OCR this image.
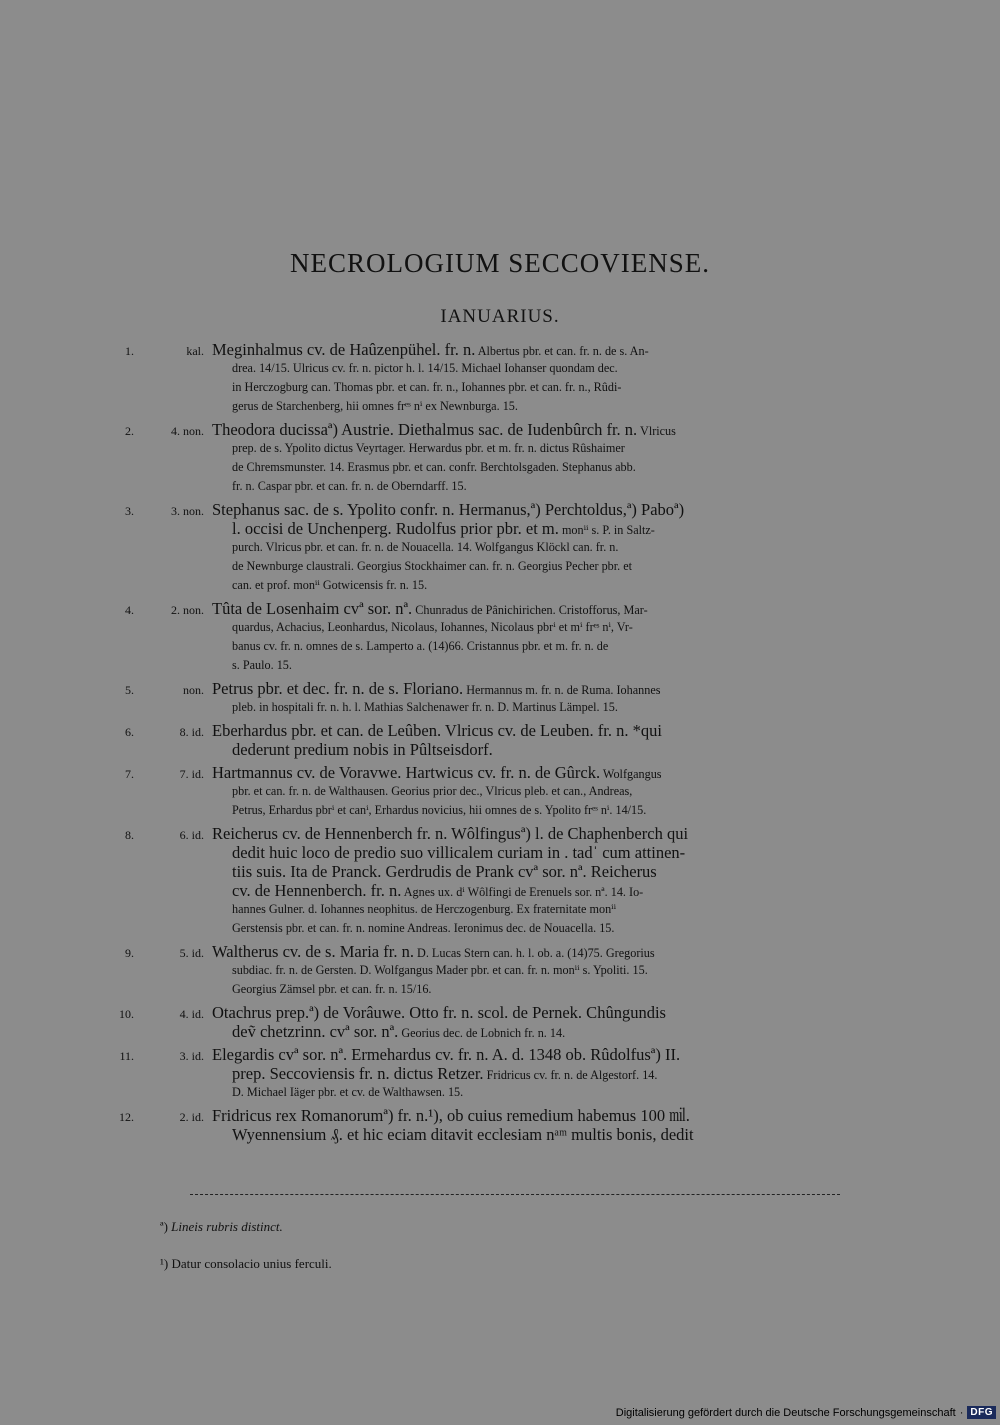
NECROLOGIUM SECCOVIENSE.
IANUARIUS.
1.	kal. Meginhalmus cv. de Haûzenpühel. fr. n. Albertus pbr. et can. fr. n. de s. An-
drea. 14/15. Ulricus cv. fr. n. pictor h. l. 14/15. Michael Iohanser quondam dec.
in Herczogburg can. Thomas pbr. et can. fr. n., Iohannes pbr. et can. fr. n., Rûdi-
gerus de Starchenberg, hii omnes frᵉˢ nⁱ ex Newnburga. 15.
2.	4. non. Theodora ducissaª) Austrie. Diethalmus sac. de Iudenbûrch fr. n. Vlricus
prep. de s. Ypolito dictus Veyrtager. Herwardus pbr. et m. fr. n. dictus Rûshaimer
de Chremsmunster. 14. Erasmus pbr. et can. confr. Berchtolsgaden. Stephanus abb.
fr. n. Caspar pbr. et can. fr. n. de Oberndarff. 15.
3.	3. non. Stephanus sac. de s. Ypolito confr. n. Hermanus,ª) Perchtoldus,ª) Paboª)
l. occisi de Unchenperg. Rudolfus prior pbr. et m. monⁱⁱ s. P. in Saltz-
purch. Vlricus pbr. et can. fr. n. de Nouacella. 14. Wolfgangus Klöckl can. fr. n.
de Newnburge claustrali. Georgius Stockhaimer can. fr. n. Georgius Pecher pbr. et
can. et prof. monⁱⁱ Gotwicensis fr. n. 15.
4.	2. non. Tûta de Losenhaim cvª sor. nª. Chunradus de Pânichirichen. Cristofforus, Mar-
quardus, Achacius, Leonhardus, Nicolaus, Iohannes, Nicolaus pbrⁱ et mⁱ frᵉˢ nⁱ, Vr-
banus cv. fr. n. omnes de s. Lamperto a. (14)66. Cristannus pbr. et m. fr. n. de
s. Paulo. 15.
5.	non. Petrus pbr. et dec. fr. n. de s. Floriano. Hermannus m. fr. n. de Ruma. Iohannes
pleb. in hospitali fr. n. h. l. Mathias Salchenawer fr. n. D. Martinus Lämpel. 15.
6.	8. id. Eberhardus pbr. et can. de Leûben. Vlricus cv. de Leuben. fr. n. *qui
dederunt predium nobis in Pûltseisdorf.
7.	7. id. Hartmannus cv. de Voravwe. Hartwicus cv. fr. n. de Gûrck. Wolfgangus
pbr. et can. fr. n. de Walthausen. Georius prior dec., Vlricus pleb. et can., Andreas,
Petrus, Erhardus pbrⁱ et canⁱ, Erhardus novicius, hii omnes de s. Ypolito frᵉˢ nⁱ. 14/15.
8.	6. id. Reicherus cv. de Hennenberch fr. n. Wôlfingusª) l. de Chaphenberch qui
dedit huic loco de predio suo villicalem curiam in . tadˈ cum attinen-
tiis suis. Ita de Pranck. Gerdrudis de Prank cvª sor. nª. Reicherus
cv. de Hennenberch. fr. n. Agnes ux. dⁱ Wôlfingi de Erenuels sor. nª. 14. Io-
hannes Gulner. d. Iohannes neophitus. de Herczogenburg. Ex fraternitate monⁱⁱ
Gerstensis pbr. et can. fr. n. nomine Andreas. Ieronimus dec. de Nouacella. 15.
9.	5. id. Waltherus cv. de s. Maria fr. n. D. Lucas Stern can. h. l. ob. a. (14)75. Gregorius
subdiac. fr. n. de Gersten. D. Wolfgangus Mader pbr. et can. fr. n. monⁱⁱ s. Ypoliti. 15.
Georgius Zämsel pbr. et can. fr. n. 15/16.
10.	4. id. Otachrus prep.ª) de Vorâuwe. Otto fr. n. scol. de Pernek. Chûngundis
deṽ chetzrinn. cvª sor. nª. Georius dec. de Lobnich fr. n. 14.
11.	3. id. Elegardis cvª sor. nª. Ermehardus cv. fr. n. A. d. 1348 ob. Rûdolfusª) II.
prep. Seccoviensis fr. n. dictus Retzer. Fridricus cv. fr. n. de Algestorf. 14.
D. Michael Iäger pbr. et cv. de Walthawsen. 15.
12.	2. id. Fridricus rex Romanorumª) fr. n.¹), ob cuius remedium habemus 100 ㏕.
Wyennensium ₰. et hic eciam ditavit ecclesiam nᵃᵐ multis bonis, dedit
ª) Lineis rubris distinct.
¹) Datur consolacio unius ferculi.
Digitalisierung gefördert durch die Deutsche Forschungsgemeinschaft · DFG
